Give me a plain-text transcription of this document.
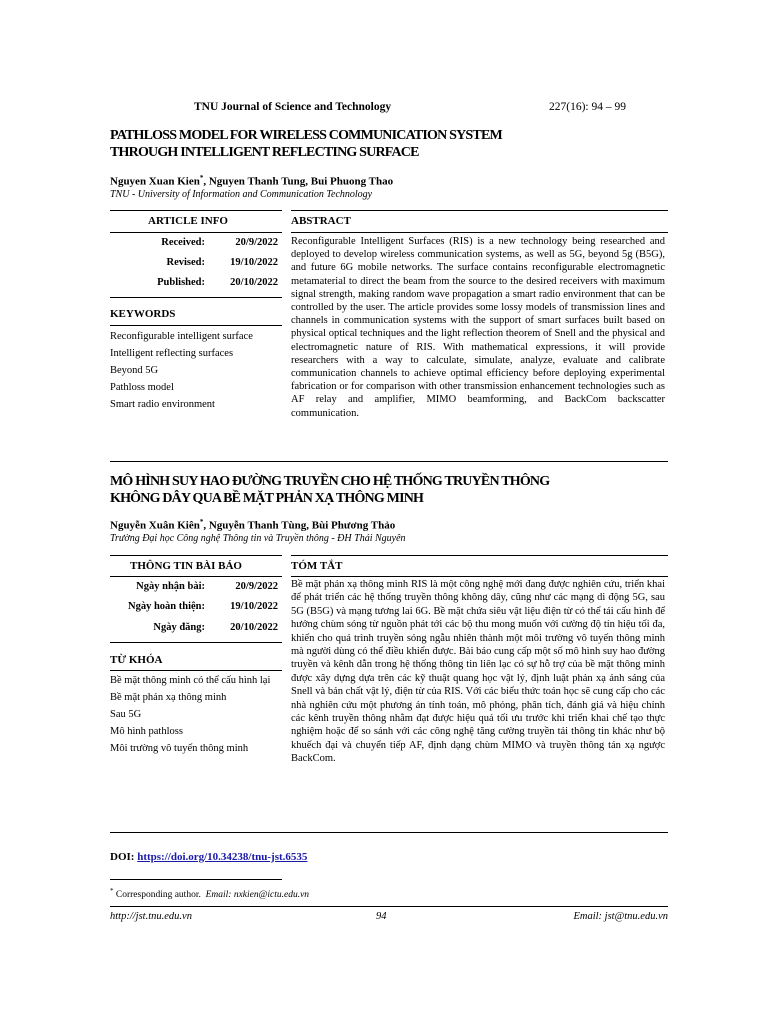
TNU Journal of Science and Technology	227(16): 94 – 99
PATHLOSS MODEL FOR WIRELESS COMMUNICATION SYSTEM
THROUGH INTELLIGENT REFLECTING SURFACE
Nguyen Xuan Kien*, Nguyen Thanh Tung, Bui Phuong Thao
TNU - University of Information and Communication Technology
ARTICLE INFO	ABSTRACT
Received:	20/9/2022
Revised: 19/10/2022
Published: 20/10/2022
KEYWORDS
Reconfigurable intelligent surface
Intelligent reflecting surfaces
Beyond 5G
Pathloss model
Smart radio environment

Reconfigurable Intelligent Surfaces (RIS) is a new technology being researched and deployed to develop wireless communication systems, as well as 5G, beyond 5g (B5G), and future 6G mobile networks. The surface contains reconfigurable electromagnetic metamaterial to direct the beam from the source to the desired receivers with maximum signal strength, making random wave propagation a smart radio environment that can be controlled by the user. The article provides some lossy models of transmission lines and channels in communication systems with the support of smart surfaces built based on physical optical techniques and the light reflection theorem of Snell and the physical and electromagnetic nature of RIS. With mathematical expressions, it will provide researchers with a way to calculate, simulate, analyze, evaluate and calibrate communication channels to achieve optimal efficiency before deploying experimental fabrication or for comparison with other transmission enhancement technologies such as AF relay and amplifier, MIMO beamforming, and BackCom backscatter communication.

MÔ HÌNH SUY HAO ĐƯỜNG TRUYỀN CHO HỆ THỐNG TRUYỀN THÔNG
KHÔNG DÂY QUA BỀ MẶT PHẢN XẠ THÔNG MINH
Nguyễn Xuân Kiên*, Nguyễn Thanh Tùng, Bùi Phương Thảo
Trường Đại học Công nghệ Thông tin và Truyền thông - ĐH Thái Nguyên
THÔNG TIN BÀI BÁO	TÓM TẮT
Ngày nhận bài:	20/9/2022
Ngày hoàn thiện: 19/10/2022
Ngày đăng: 20/10/2022
TỪ KHÓA
Bề mặt thông minh có thể cấu hình lại
Bề mặt phản xạ thông minh
Sau 5G
Mô hình pathloss
Môi trường vô tuyến thông minh

Bề mặt phản xạ thông minh RIS là một công nghệ mới đang được nghiên cứu, triển khai để phát triển các hệ thống truyền thông không dây, cũng như các mạng di động 5G, sau 5G (B5G) và mạng tương lai 6G. Bề mặt chứa siêu vật liệu điện từ có thể tái cấu hình để hướng chùm sóng từ nguồn phát tới các bộ thu mong muốn với cường độ tín hiệu tối đa, khiến cho quá trình truyền sóng ngẫu nhiên thành một môi trường vô tuyến thông minh mà người dùng có thể điều khiển được. Bài báo cung cấp một số mô hình suy hao đường truyền và kênh dẫn trong hệ thống thông tin liên lạc có sự hỗ trợ của bề mặt thông minh được xây dựng dựa trên các kỹ thuật quang học vật lý, định luật phản xạ ánh sáng của Snell và bản chất vật lý, điện từ của RIS. Với các biểu thức toán học sẽ cung cấp cho các nhà nghiên cứu một phương án tính toán, mô phỏng, phân tích, đánh giá và hiệu chỉnh các kênh truyền thông nhằm đạt được hiệu quả tối ưu trước khi triển khai chế tạo thực nghiệm hoặc để so sánh với các công nghệ tăng cường truyền tải thông tin khác như bộ khuếch đại và chuyển tiếp AF, định dạng chùm MIMO và truyền thông tán xạ ngược BackCom.

DOI: https://doi.org/10.34238/tnu-jst.6535
* Corresponding author. Email: nxkien@ictu.edu.vn
http://jst.tnu.edu.vn	94	Email: jst@tnu.edu.vn
